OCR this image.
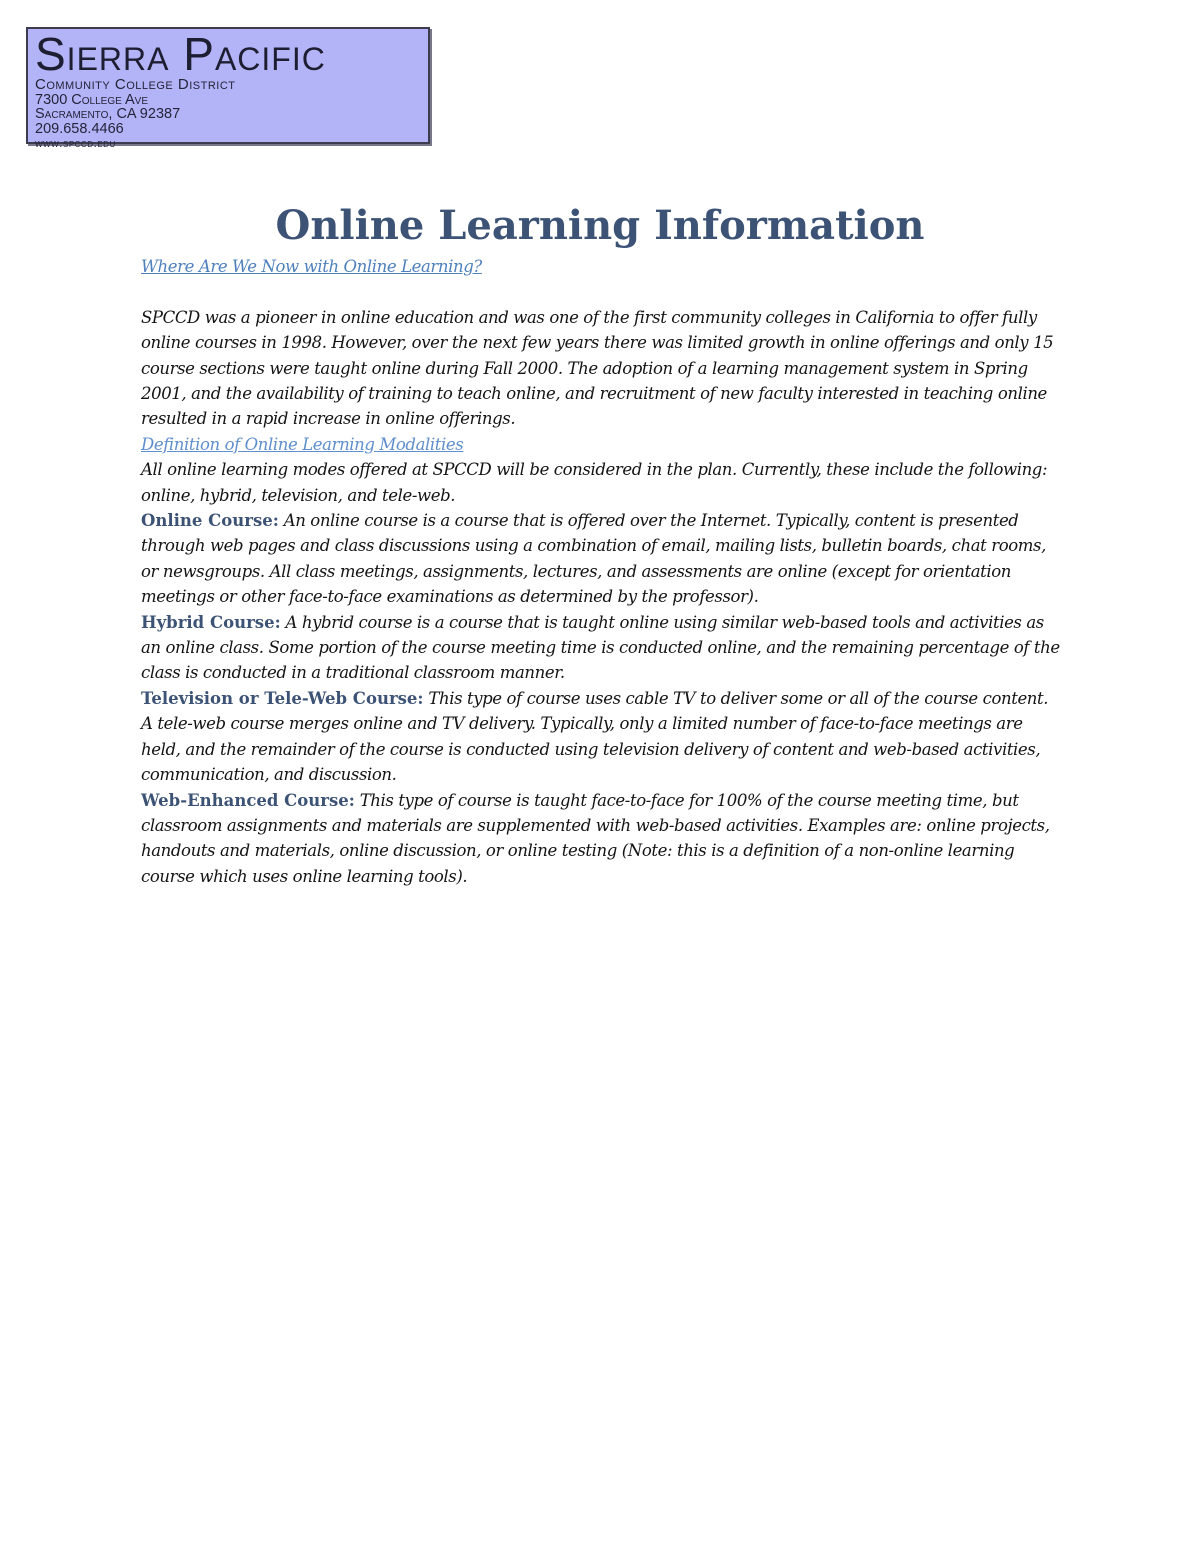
Sierra Pacific
Community College District
7300 College Ave
Sacramento, CA 92387
209.658.4466
www.spccd.edu
Online Learning Information

Where Are We Now with Online Learning?

SPCCD was a pioneer in online education and was one of the first community colleges in California to offer fully online courses in 1998. However, over the next few years there was limited growth in online offerings and only 15 course sections were taught online during Fall 2000. The adoption of a learning management system in Spring 2001, and the availability of training to teach online, and recruitment of new faculty interested in teaching online resulted in a rapid increase in online offerings.

Definition of Online Learning Modalities

All online learning modes offered at SPCCD will be considered in the plan. Currently, these include the following: online, hybrid, television, and tele-web.

Online Course: An online course is a course that is offered over the Internet. Typically, content is presented through web pages and class discussions using a combination of email, mailing lists, bulletin boards, chat rooms, or newsgroups. All class meetings, assignments, lectures, and assessments are online (except for orientation meetings or other face-to-face examinations as determined by the professor).

Hybrid Course: A hybrid course is a course that is taught online using similar web-based tools and activities as an online class. Some portion of the course meeting time is conducted online, and the remaining percentage of the class is conducted in a traditional classroom manner.

Television or Tele-Web Course: This type of course uses cable TV to deliver some or all of the course content. A tele-web course merges online and TV delivery. Typically, only a limited number of face-to-face meetings are held, and the remainder of the course is conducted using television delivery of content and web-based activities, communication, and discussion.

Web-Enhanced Course: This type of course is taught face-to-face for 100% of the course meeting time, but classroom assignments and materials are supplemented with web-based activities. Examples are: online projects, handouts and materials, online discussion, or online testing (Note: this is a definition of a non-online learning course which uses online learning tools).
